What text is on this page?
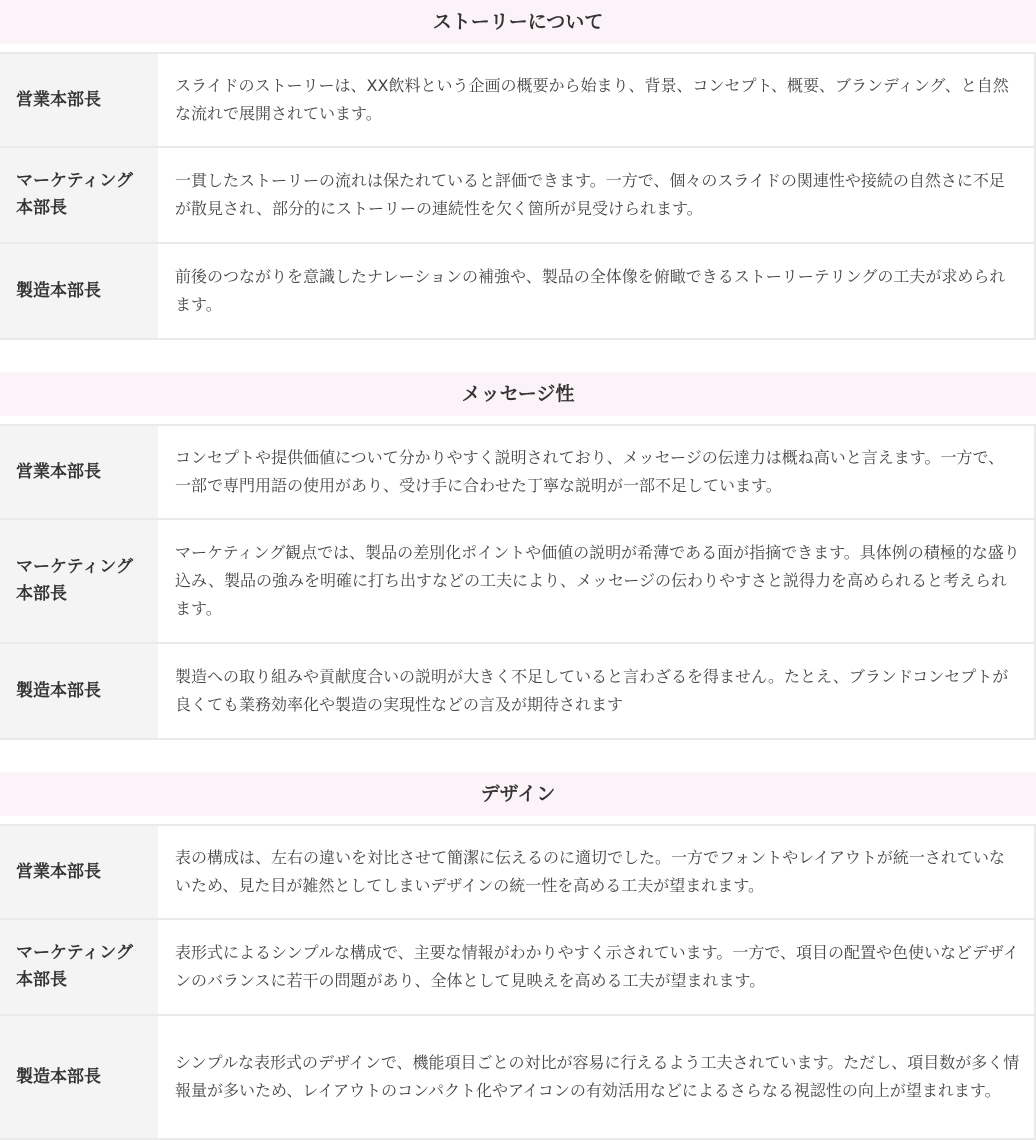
ストーリーについて
営業本部長	スライドのストーリーは、XX飲料という企画の概要から始まり、背景、コンセプト、概要、ブランディング、と自然な流れで展開されています。

マーケティング本部長	一貫したストーリーの流れは保たれていると評価できます。一方で、個々のスライドの関連性や接続の自然さに不足が散見され、部分的にストーリーの連続性を欠く箇所が見受けられます。
製造本部長	前後のつながりを意識したナレーションの補強や、製品の全体像を俯瞰できるストーリーテリングの工夫が求められます。
メッセージ性
営業本部長	コンセプトや提供価値について分かりやすく説明されており、メッセージの伝達力は概ね高いと言えます。一方で、一部で専門用語の使用があり、受け手に合わせた丁寧な説明が一部不足しています。

マーケティング本部長	マーケティング観点では、製品の差別化ポイントや価値の説明が希薄である面が指摘できます。具体例の積極的な盛り込み、製品の強みを明確に打ち出すなどの工夫により、メッセージの伝わりやすさと説得力を高められると考えられます。
製造本部長	製造への取り組みや貢献度合いの説明が大きく不足していると言わざるを得ません。たとえ、ブランドコンセプトが良くても業務効率化や製造の実現性などの言及が期待されます
デザイン
営業本部長	表の構成は、左右の違いを対比させて簡潔に伝えるのに適切でした。一方でフォントやレイアウトが統一されていないため、見た目が雑然としてしまいデザインの統一性を高める工夫が望まれます。

マーケティング本部長	表形式によるシンプルな構成で、主要な情報がわかりやすく示されています。一方で、項目の配置や色使いなどデザインのバランスに若干の問題があり、全体として見映えを高める工夫が望まれます。
製造本部長	シンプルな表形式のデザインで、機能項目ごとの対比が容易に行えるよう工夫されています。ただし、項目数が多く情報量が多いため、レイアウトのコンパクト化やアイコンの有効活用などによるさらなる視認性の向上が望まれます。
